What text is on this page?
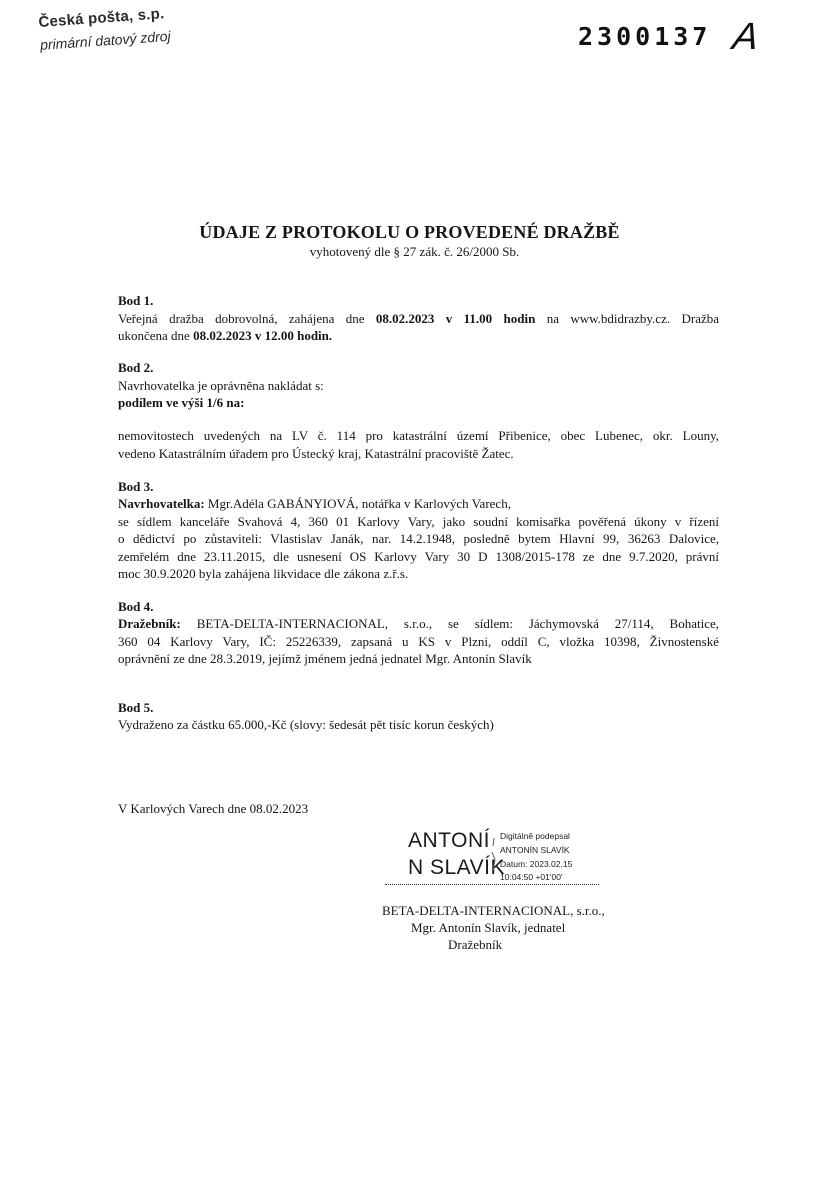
Česká pošta, s.p.
primární datový zdroj	2300137 A
ÚDAJE Z PROTOKOLU O PROVEDENÉ DRAŽBĚ
vyhotovený dle § 27 zák. č. 26/2000 Sb.
Bod 1.
Veřejná dražba dobrovolná, zahájena dne 08.02.2023 v 11.00 hodin na www.bdidrazby.cz. Dražba
ukončena dne 08.02.2023 v 12.00 hodin.
Bod 2.
Navrhovatelka je oprávněna nakládat s:
podílem ve výši 1/6 na:
nemovitostech uvedených na LV č. 114 pro katastrální území Přibenice, obec Lubenec, okr. Louny,
vedeno Katastrálním úřadem pro Ústecký kraj, Katastrální pracoviště Žatec.
Bod 3.
Navrhovatelka: Mgr.Adéla GABÁNYIOVÁ, notářka v Karlových Varech,
se sídlem kanceláře Svahová 4, 360 01 Karlovy Vary, jako soudní komisařka pověřená úkony v řízení
o dědictví po zůstaviteli: Vlastislav Janák, nar. 14.2.1948, posledně bytem Hlavní 99, 36263 Dalovice,
zemřelém dne 23.11.2015, dle usnesení OS Karlovy Vary 30 D 1308/2015-178 ze dne 9.7.2020, právní
moc 30.9.2020 byla zahájena likvidace dle zákona z.ř.s.
Bod 4.
Dražebník: BETA-DELTA-INTERNACIONAL, s.r.o., se sídlem: Jáchymovská 27/114, Bohatice,
360 04 Karlovy Vary, IČ: 25226339, zapsaná u KS v Plzni, oddíl C, vložka 10398, Živnostenské
oprávnění ze dne 28.3.2019, jejímž jménem jedná jednatel Mgr. Antonín Slavík
Bod 5.
Vydraženo za částku 65.000,-Kč (slovy: šedesát pět tisíc korun českých)
V Karlových Varech dne 08.02.2023
ANTONÍ
N SLAVÍK
Digitálně podepsal
ANTONÍN SLAVÍK
Datum: 2023.02.15
10:04:50 +01'00'
BETA-DELTA-INTERNACIONAL, s.r.o.,
Mgr. Antonín Slavík, jednatel
Dražebník
